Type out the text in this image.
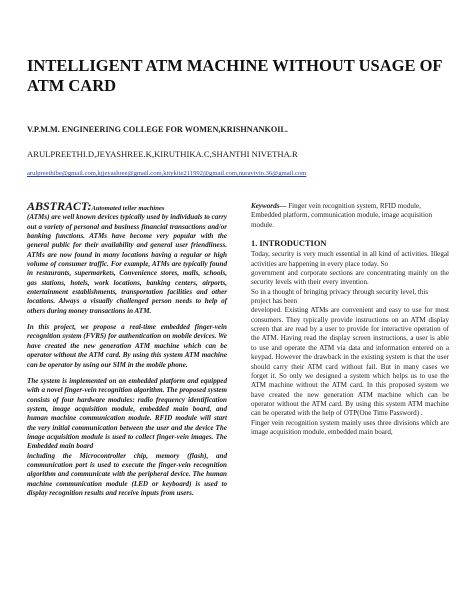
INTELLIGENT ATM MACHINE WITHOUT USAGE OF ATM CARD
V.P.M.M. ENGINEERING COLLEGE FOR WOMEN,KRISHNANKOIL.
ARULPREETHI.D,JEYASHREE.K,KIRUTHIKA.C,SHANTHI NIVETHA.R
arulpreethibe@gmail.com,kjjeyashree@gmail.com,kitykite211992@gmail.com,nuravivin.36@gmail.com

ABSTRACT:Automated teller machines

(ATMs) are well known devices typically used by individuals to carry out a variety of personal and business financial transactions and/or banking functions. ATMs have become very popular with the general public for their availability and general user friendliness. ATMs are now found in many locations having a regular or high volume of consumer traffic. For example, ATMs are typically found in restaurants, supermarkets, Convenience stores, malls, schools, gas stations, hotels, work locations, banking centers, airports, entertainment establishments, transportation facilities and other locations. Always a visually challenged person needs to help of others during money transactions in ATM.

In this project, we propose a real-time embedded finger-vein recognition system (FVRS) for authentication on mobile devices. We have created the new generation ATM machine which can be operator without the ATM card. By using this system ATM machine can be operator by using our SIM in the mobile phone.

The system is implemented on an embedded platform and equipped with a novel finger-vein recognition algorithm. The proposed system consists of four hardware modules: radio frequency identification system, image acquisition module, embedded main board, and human machine communication module. RFID module will start the very initial communication between the user and the device The image acquisition module is used to collect finger-vein images. The Embedded main board

including the Microcontroller chip, memory (flash), and communication port is used to execute the finger-vein recognition algorithm and communicate with the peripheral device. The human machine communication module (LED or keyboard) is used to display recognition results and receive inputs from users.

Keywords— Finger vein recognition system, RFID module, Embedded platform, communication module, image acquisition module.

1. INTRODUCTION

Today, security is very much essential in all kind of activities. Illegal activities are happening in every place today. So

government and corporate sections are concentrating mainly on the security levels with their every invention.

So in a thought of bringing privacy through security level, this project has been

developed. Existing ATMs are convenient and easy to use for most consumers. They typically provide instructions on an ATM display screen that are read by a user to provide for interactive operation of the ATM. Having read the display screen instructions, a user is able to use and operate the ATM via data and information entered on a keypad. However the drawback in the existing system is that the user should carry their ATM card without fail. But in many cases we forget it. So only we designed a system which helps us to use the ATM machine without the ATM card. In this proposed system we have created the new generation ATM machine which can be operator without the ATM card. By using this system ATM machine can be operated with the help of OTP(One Time Password) .

Finger vein recognition system mainly uses three divisions which are image acquisition module, embedded main board,
